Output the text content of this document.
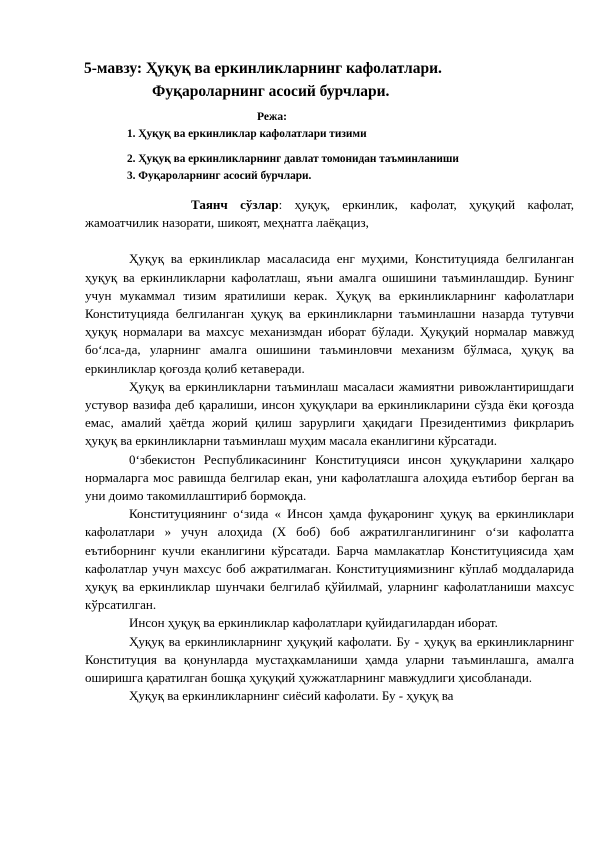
5-мавзу: Ҳуқуқ ва еркинликларнинг кафолатлари.
Фуқароларнинг асосий бурчлари.
Режа:
1. Ҳуқуқ ва еркинликлар кафолатлари тизими
2. Ҳуқуқ ва еркинликларнинг давлат томонидан таъминланиши
3. Фуқароларнинг асосий бурчлари.

Таянч сўзлар: ҳуқуқ, еркинлик, кафолат, ҳуқуқий кафолат, жамоатчилик назорати, шикоят, меҳнатга лаёқациз,

Ҳуқуқ ва еркинликлар масаласида енг муҳими, Конституцияда белгиланган ҳуқуқ ва еркинликларни кафолатлаш, яъни амалга ошишини таъминлашдир. Бунинг учун мукаммал тизим яратилиши керак. Ҳуқуқ ва еркинликларнинг кафолатлари Конституцияда белгиланган ҳуқуқ ва еркинликларни таъминлашни назарда тутувчи ҳуқуқ нормалари ва махсус механизмдан иборат бўлади. Ҳуқуқий нормалар мавжуд бо‘лса-да, уларнинг амалга ошишини таъминловчи механизм бўлмаса, ҳуқуқ ва еркинликлар қоғозда қолиб кетаверади.

Ҳуқуқ ва еркинликларни таъминлаш масаласи жамиятни ривожлантиришдаги устувор вазифа деб қаралиши, инсон ҳуқуқлари ва еркинликларини сўзда ёки қоғозда емас, амалий ҳаётда жорий қилиш зарурлиги ҳақидаги Президентимиз фикрлариъ ҳуқуқ ва еркинликларни таъминлаш муҳим масала еканлигини кўрсатади.

0‘збекистон Республикасининг Конституцияси инсон ҳуқуқларини халқаро нормаларга мос равишда белгилар екан, уни кафолатлашга алоҳида еътибор берган ва уни доимо такомиллаштириб бормоқда.

Конституциянинг о‘зида « Инсон ҳамда фуқаронинг ҳуқуқ ва еркинликлари кафолатлари » учун алоҳида (Х боб) боб ажратилганлигининг о‘зи кафолатга еътиборнинг кучли еканлигини кўрсатади. Барча мамлакатлар Конституциясида ҳам кафолатлар учун махсус боб ажратилмаган. Конституциямизнинг кўплаб моддаларида ҳуқуқ ва еркинликлар шунчаки белгилаб қўйилмай, уларнинг кафолатланиши махсус кўрсатилган.

Инсон ҳуқуқ ва еркинликлар кафолатлари қуйидагилардан иборат.

Ҳуқуқ ва еркинликларнинг ҳуқуқий кафолати. Бу - ҳуқуқ ва еркинликларнинг Конституция ва қонунларда мустаҳкамланиши ҳамда уларни таъминлашга, амалга оширишга қаратилган бошқа ҳуқуқий ҳужжатларнинг мавжудлиги ҳисобланади.

Ҳуқуқ ва еркинликларнинг сиёсий кафолати. Бу - ҳуқуқ ва
